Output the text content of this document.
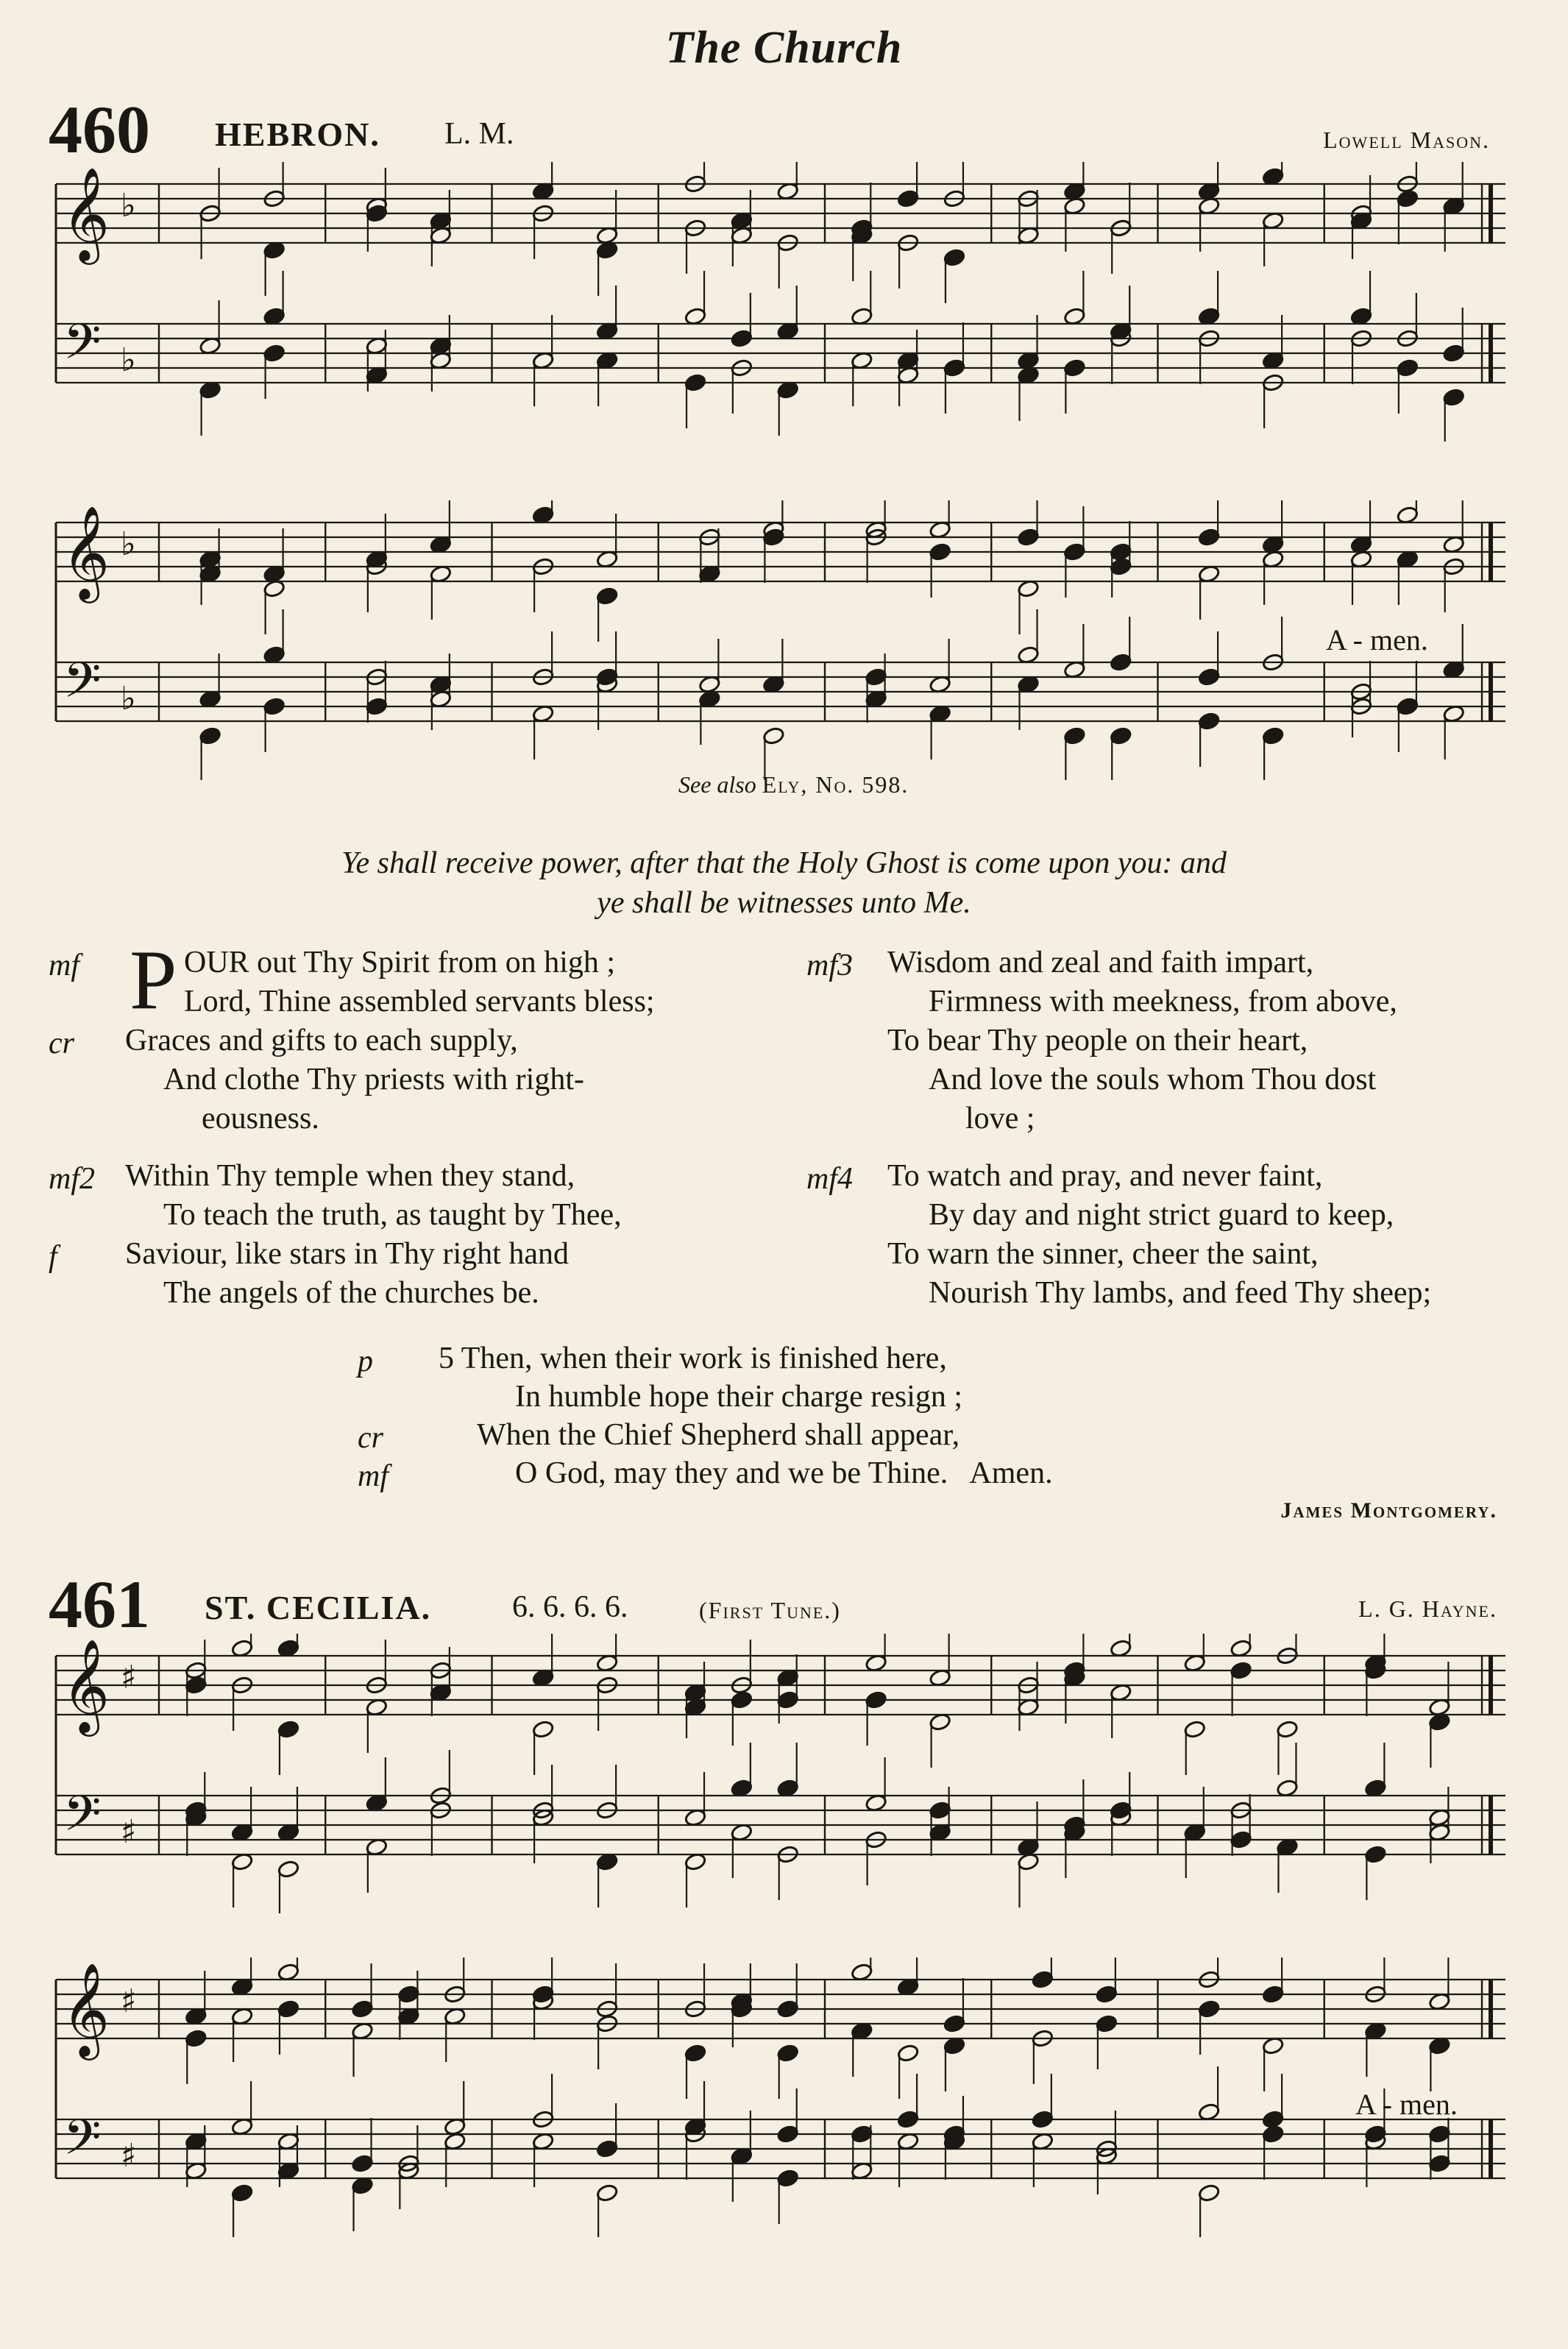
The Church
460 HEBRON. L. M.	Lowell Mason.
𝄞
𝄢
♭
♭
𝄞
𝄢
♭
♭
A - men.
See also Ely, No. 598.
Ye shall receive power, after that the Holy Ghost is come upon you: and
ye shall be witnesses unto Me.
mf
cr
P OUR out Thy Spirit from on high ;
Lord, Thine assembled servants bless;
Graces and gifts to each supply,
And clothe Thy priests with right-
eousness.
mf2
f
Within Thy temple when they stand,
To teach the truth, as taught by Thee,
Saviour, like stars in Thy right hand
The angels of the churches be.
mf3 Wisdom and zeal and faith impart,
Firmness with meekness, from above,
To bear Thy people on their heart,
And love the souls whom Thou dost
love ;
mf4 To watch and pray, and never faint,
By day and night strict guard to keep,
To warn the sinner, cheer the saint,
Nourish Thy lambs, and feed Thy sheep;
p
cr
mf
5 Then, when their work is finished here,
In humble hope their charge resign ;
When the Chief Shepherd shall appear,
O God, may they and we be Thine.   Amen.
James Montgomery.
461 ST. CECILIA.	6. 6. 6. 6.	(First Tune.)	L. G. Hayne.
𝄞
𝄢
♯
♯
𝄞
𝄢
♯
♯
A - men.
